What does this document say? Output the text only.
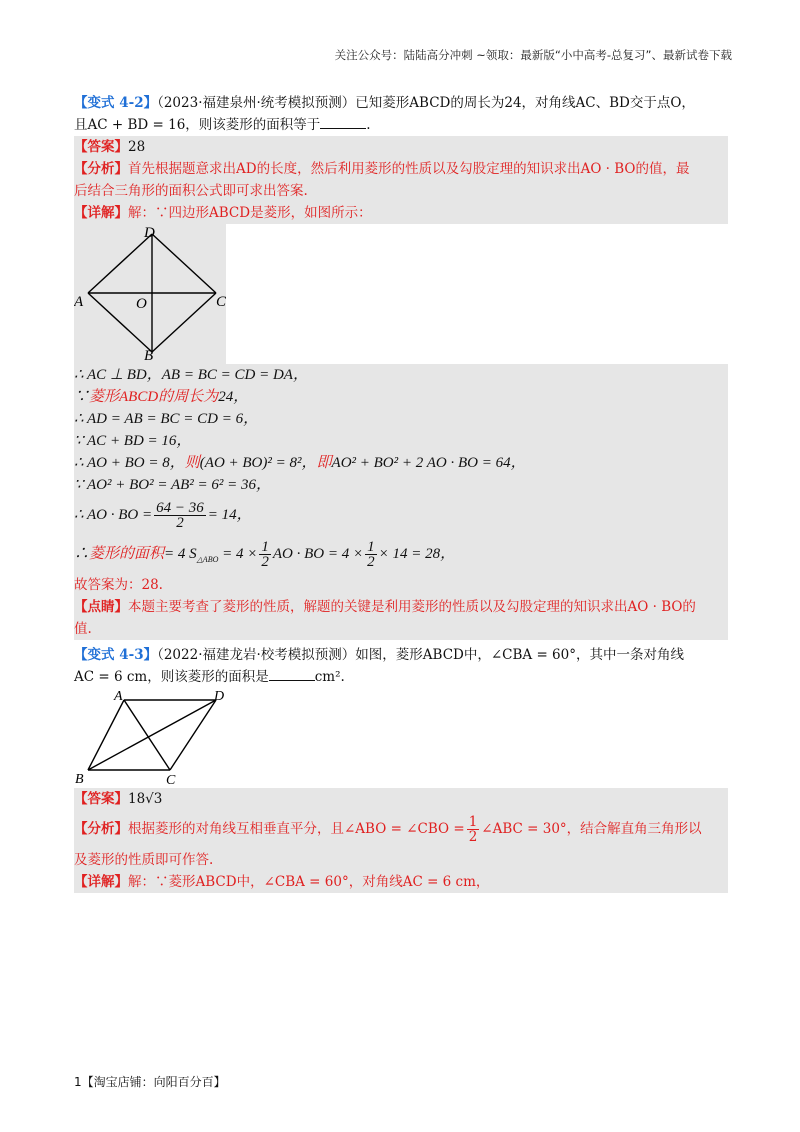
关注公众号：陆陆高分冲刺 ~领取：最新版“小中高考-总复习”、最新试卷下载

【变式 4-2】（2023·福建泉州·统考模拟预测）已知菱形ABCD的周长为24，对角线AC、BD交于点O，

且AC + BD = 16，则该菱形的面积等于	.

【答案】28

【分析】首先根据题意求出AD的长度，然后利用菱形的性质以及勾股定理的知识求出AO · BO的值，最

后结合三角形的面积公式即可求出答案.

【详解】解：∵四边形ABCD是菱形，如图所示：

D
A	O	C
B

∴ AC ⊥ BD，AB = BC = CD = DA，

∵菱形ABCD的周长为24，

∴ AD = AB = BC = CD = 6，

∵ AC + BD = 16，

∴ AO + BO = 8，则(AO + BO)² = 8²，即AO² + BO² + 2 AO · BO = 64，

∵ AO² + BO² = AB² = 6² = 36，

∴ AO · BO = $\frac{64 - 36}{2} = 14$，

∴菱形的面积= 4 $S_{\triangle ABO} = 4 \times \frac{1}{2}$ AO · BO = $4 \times \frac{1}{2} \times 14 = 28$，

故答案为：28.

【点睛】本题主要考查了菱形的性质，解题的关键是利用菱形的性质以及勾股定理的知识求出AO · BO的

值.

【变式 4-3】（2022·福建龙岩·校考模拟预测）如图，菱形ABCD中，∠CBA = 60°，其中一条对角线

AC = 6 cm，则该菱形的面积是	cm².

A	D
B	C

【答案】18√3

【分析】根据菱形的对角线互相垂直平分，且∠ABO = ∠CBO = $\frac{1}{2}$ ∠ABC = 30°，结合解直角三角形以

及菱形的性质即可作答.

【详解】解：∵菱形ABCD中，∠CBA = 60°，对角线AC = 6 cm，

1【淘宝店铺：向阳百分百】
